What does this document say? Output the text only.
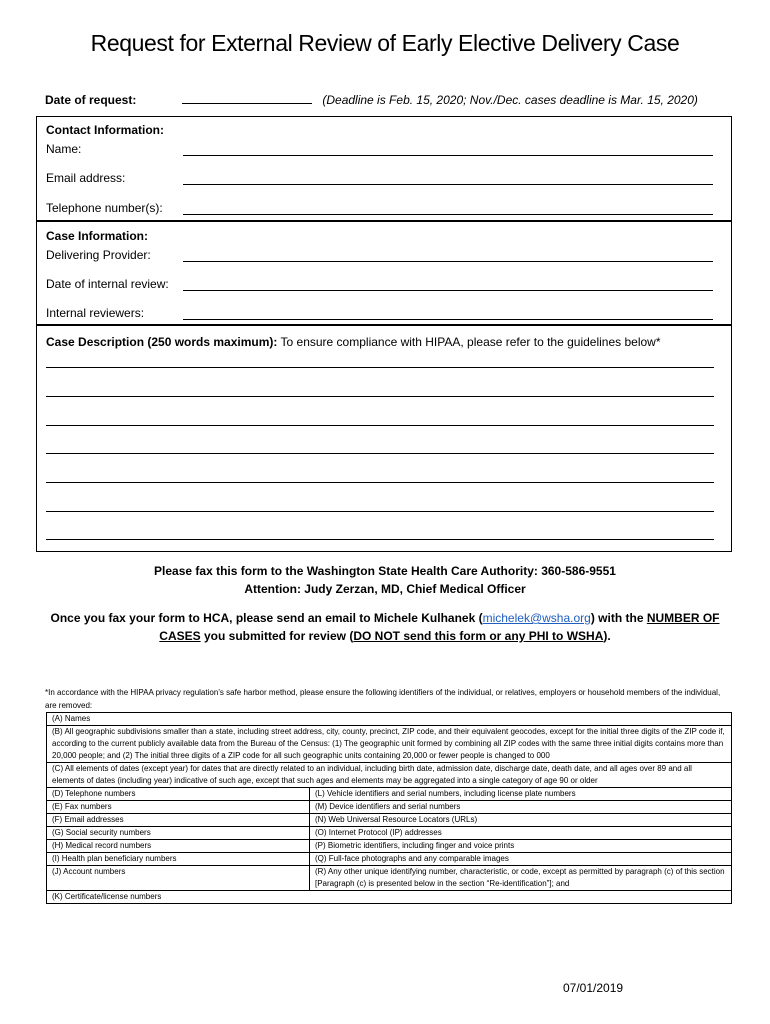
Request for External Review of Early Elective Delivery Case
Date of request:	(Deadline is Feb. 15, 2020; Nov./Dec. cases deadline is Mar. 15, 2020)
Contact Information:
Name:
Email address:
Telephone number(s):
Case Information:
Delivering Provider:
Date of internal review:
Internal reviewers:
Case Description (250 words maximum): To ensure compliance with HIPAA, please refer to the guidelines below*
Please fax this form to the Washington State Health Care Authority: 360-586-9551
Attention: Judy Zerzan, MD, Chief Medical Officer
Once you fax your form to HCA, please send an email to Michele Kulhanek (michelek@wsha.org) with the NUMBER OF CASES you submitted for review (DO NOT send this form or any PHI to WSHA).
*In accordance with the HIPAA privacy regulation’s safe harbor method, please ensure the following identifiers of the individual, or relatives, employers or household members of the individual, are removed:
(A) Names	
(B) All geographic subdivisions smaller than a state, including street address, city, county, precinct, ZIP code, and their equivalent geocodes, except for the initial three digits of the ZIP code if, according to the current publicly available data from the Bureau of the Census: (1) The geographic unit formed by combining all ZIP codes with the same three initial digits contains more than 20,000 people; and (2) The initial three digits of a ZIP code for all such geographic units containing 20,000 or fewer people is changed to 000	
(C) All elements of dates (except year) for dates that are directly related to an individual, including birth date, admission date, discharge date, death date, and all ages over 89 and all elements of dates (including year) indicative of such age, except that such ages and elements may be aggregated into a single category of age 90 or older	
(D) Telephone numbers	(L) Vehicle identifiers and serial numbers, including license plate numbers
(E) Fax numbers	(M) Device identifiers and serial numbers
(F) Email addresses	(N) Web Universal Resource Locators (URLs)
(G) Social security numbers	(O) Internet Protocol (IP) addresses
(H) Medical record numbers	(P) Biometric identifiers, including finger and voice prints
(I) Health plan beneficiary numbers	(Q) Full-face photographs and any comparable images
(J) Account numbers	(R) Any other unique identifying number, characteristic, or code, except as permitted by paragraph (c) of this section [Paragraph (c) is presented below in the section “Re-identification”]; and
(K) Certificate/license numbers	
07/01/2019
